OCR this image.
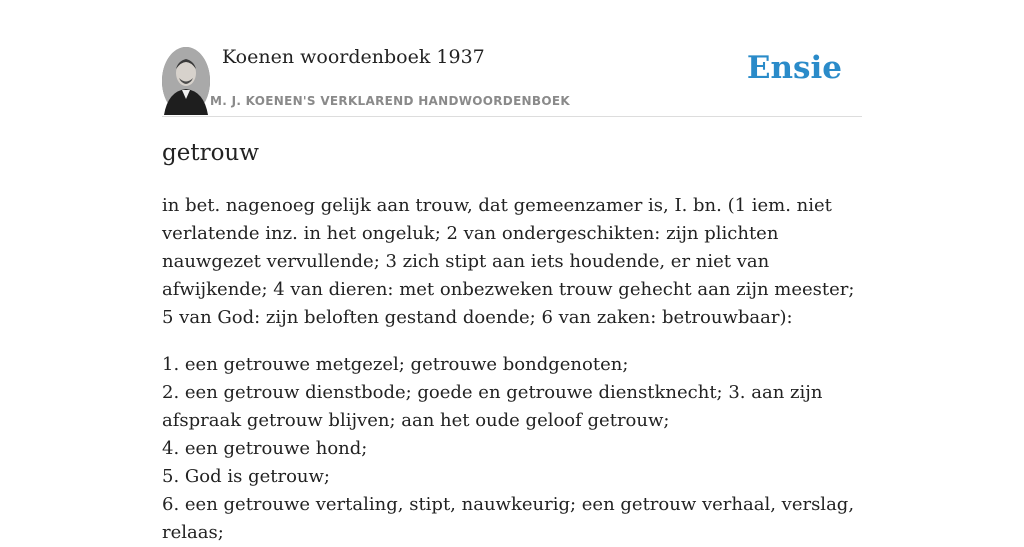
Koenen woordenboek 1937
M. J. KOENEN'S VERKLAREND HANDWOORDENBOEK
Ensie
getrouw

in bet. nagenoeg gelijk aan trouw, dat gemeenzamer is, I. bn. (1 iem. niet verlatende inz. in het ongeluk; 2 van ondergeschikten: zijn plichten nauwgezet vervullende; 3 zich stipt aan iets houdende, er niet van afwijkende; 4 van dieren: met onbezweken trouw gehecht aan zijn meester; 5 van God: zijn beloften gestand doende; 6 van zaken: betrouwbaar):

1. een getrouwe metgezel; getrouwe bondgenoten;
2. een getrouw dienstbode; goede en getrouwe dienstknecht; 3. aan zijn afspraak getrouw blijven; aan het oude geloof getrouw;
4. een getrouwe hond;
5. God is getrouw;
6. een getrouwe vertaling, stipt, nauwkeurig; een getrouw verhaal, verslag, relaas;
